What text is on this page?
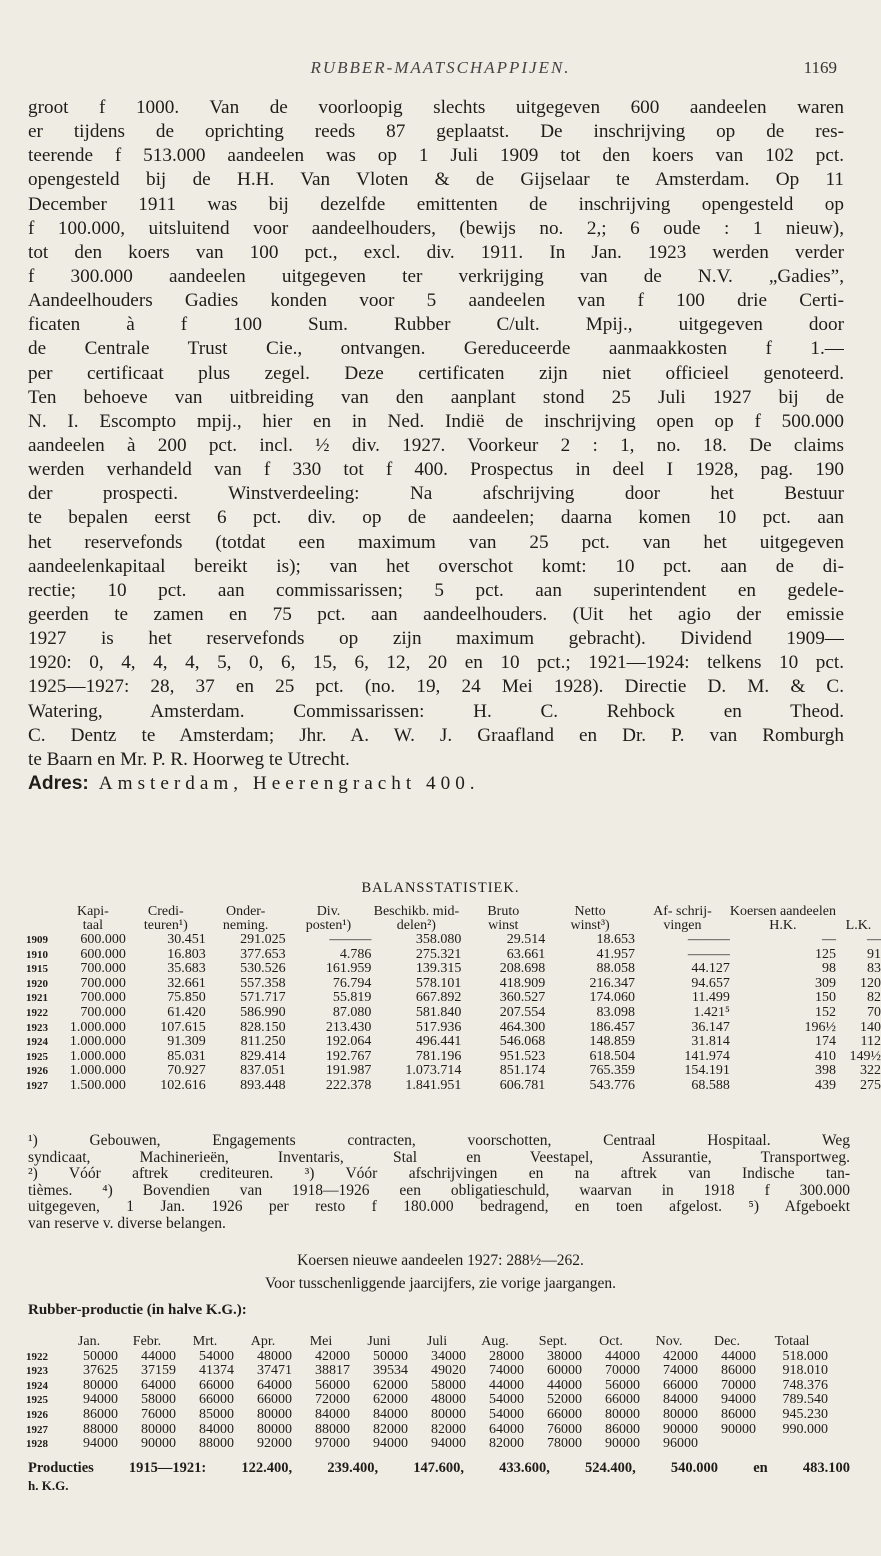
RUBBER-MAATSCHAPPIJEN.	1169
groot f 1000. Van de voorloopig slechts uitgegeven 600 aandeelen waren
er tijdens de oprichting reeds 87 geplaatst. De inschrijving op de res-
teerende f 513.000 aandeelen was op 1 Juli 1909 tot den koers van 102 pct.
opengesteld bij de H.H. Van Vloten & de Gijselaar te Amsterdam. Op 11
December 1911 was bij dezelfde emittenten de inschrijving opengesteld op
f 100.000, uitsluitend voor aandeelhouders, (bewijs no. 2,; 6 oude : 1 nieuw),
tot den koers van 100 pct., excl. div. 1911. In Jan. 1923 werden verder
f 300.000 aandeelen uitgegeven ter verkrijging van de N.V. „Gadies”,
Aandeelhouders Gadies konden voor 5 aandeelen van f 100 drie Certi-
ficaten à f 100 Sum. Rubber C/ult. Mpij., uitgegeven door
de Centrale Trust Cie., ontvangen. Gereduceerde aanmaakkosten f 1.—
per certificaat plus zegel. Deze certificaten zijn niet officieel genoteerd.
Ten behoeve van uitbreiding van den aanplant stond 25 Juli 1927 bij de
N. I. Escompto mpij., hier en in Ned. Indië de inschrijving open op f 500.000
aandeelen à 200 pct. incl. ½ div. 1927. Voorkeur 2 : 1, no. 18. De claims
werden verhandeld van f 330 tot f 400. Prospectus in deel I 1928, pag. 190
der prospecti. Winstverdeeling: Na afschrijving door het Bestuur
te bepalen eerst 6 pct. div. op de aandeelen; daarna komen 10 pct. aan
het reservefonds (totdat een maximum van 25 pct. van het uitgegeven
aandeelenkapitaal bereikt is); van het overschot komt: 10 pct. aan de di-
rectie; 10 pct. aan commissarissen; 5 pct. aan superintendent en gedele-
geerden te zamen en 75 pct. aan aandeelhouders. (Uit het agio der emissie
1927 is het reservefonds op zijn maximum gebracht). Dividend 1909—
1920: 0, 4, 4, 4, 5, 0, 6, 15, 6, 12, 20 en 10 pct.; 1921—1924: telkens 10 pct.
1925—1927: 28, 37 en 25 pct. (no. 19, 24 Mei 1928). Directie D. M. & C.
Watering, Amsterdam. Commissarissen: H. C. Rehbock en Theod.
C. Dentz te Amsterdam; Jhr. A. W. J. Graafland en Dr. P. van Romburgh
te Baarn en Mr. P. R. Hoorweg te Utrecht.
Adres: Amsterdam, Heerengracht 400.
BALANSSTATISTIEK.
	Kapi-	Credi-	Onder-	Div.	Beschikb. mid-	Bruto	Netto	Af- schrij-	Koersen aandeelen	
	taal	teuren¹)	neming.	posten¹)	delen²)	winst	winst³)	vingen	H.K.	L.K.
1909	600.000	30.451	291.025	———	358.080	29.514	18.653	———	—	—
1910	600.000	16.803	377.653	4.786	275.321	63.661	41.957	———	125	91
1915	700.000	35.683	530.526	161.959	139.315	208.698	88.058	44.127	98	83
1920	700.000	32.661	557.358	76.794	578.101	418.909	216.347	94.657	309	120
1921	700.000	75.850	571.717	55.819	667.892	360.527	174.060	11.499	150	82
1922	700.000	61.420	586.990	87.080	581.840	207.554	83.098	1.421⁵	152	70
1923	1.000.000	107.615	828.150	213.430	517.936	464.300	186.457	36.147	196½	140
1924	1.000.000	91.309	811.250	192.064	496.441	546.068	148.859	31.814	174	112
1925	1.000.000	85.031	829.414	192.767	781.196	951.523	618.504	141.974	410	149½
1926	1.000.000	70.927	837.051	191.987	1.073.714	851.174	765.359	154.191	398	322
1927	1.500.000	102.616	893.448	222.378	1.841.951	606.781	543.776	68.588	439	275
¹) Gebouwen, Engagements contracten, voorschotten, Centraal Hospitaal. Weg
syndicaat, Machinerieën, Inventaris, Stal en Veestapel, Assurantie, Transportweg.
²) Vóór aftrek crediteuren. ³) Vóór afschrijvingen en na aftrek van Indische tan-
tièmes. ⁴) Bovendien van 1918—1926 een obligatieschuld, waarvan in 1918 f 300.000
uitgegeven, 1 Jan. 1926 per resto f 180.000 bedragend, en toen afgelost. ⁵) Afgeboekt
van reserve v. diverse belangen.
Koersen nieuwe aandeelen 1927: 288½—262.
Voor tusschenliggende jaarcijfers, zie vorige jaargangen.
Rubber-productie (in halve K.G.):
	Jan.	Febr.	Mrt.	Apr.	Mei	Juni	Juli	Aug.	Sept.	Oct.	Nov.	Dec.	Totaal
1922	50000	44000	54000	48000	42000	50000	34000	28000	38000	44000	42000	44000	518.000
1923	37625	37159	41374	37471	38817	39534	49020	74000	60000	70000	74000	86000	918.010
1924	80000	64000	66000	64000	56000	62000	58000	44000	44000	56000	66000	70000	748.376
1925	94000	58000	66000	66000	72000	62000	48000	54000	52000	66000	84000	94000	789.540
1926	86000	76000	85000	80000	84000	84000	80000	54000	66000	80000	80000	86000	945.230
1927	88000	80000	84000	80000	88000	82000	82000	64000	76000	86000	90000	90000	990.000
1928	94000	90000	88000	92000	97000	94000	94000	82000	78000	90000	96000		
Producties 1915—1921: 122.400, 239.400, 147.600, 433.600, 524.400, 540.000 en 483.100
h. K.G.
